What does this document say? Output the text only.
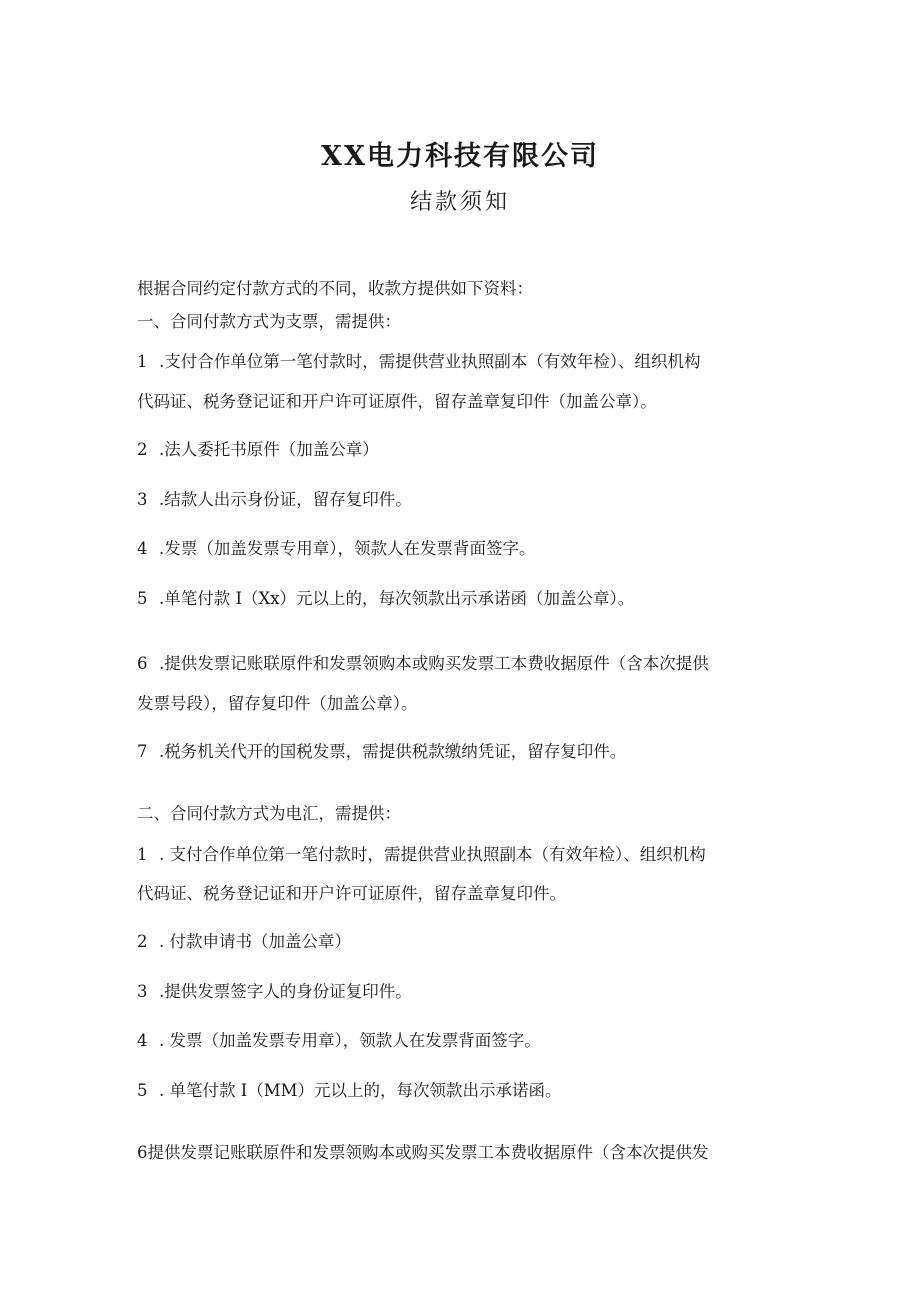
XX电力科技有限公司
结款须知
根据合同约定付款方式的不同，收款方提供如下资料：
一、合同付款方式为支票，需提供：
1 .支付合作单位第一笔付款时，需提供营业执照副本（有效年检）、组织机构
代码证、税务登记证和开户许可证原件，留存盖章复印件（加盖公章）。
2 .法人委托书原件（加盖公章）
3 .结款人出示身份证，留存复印件。
4 .发票（加盖发票专用章），领款人在发票背面签字。
5 .单笔付款 I（Xx）元以上的，每次领款出示承诺函（加盖公章）。
6 .提供发票记账联原件和发票领购本或购买发票工本费收据原件（含本次提供
发票号段），留存复印件（加盖公章）。
7 .税务机关代开的国税发票，需提供税款缴纳凭证，留存复印件。
二、合同付款方式为电汇，需提供：
1 . 支付合作单位第一笔付款时，需提供营业执照副本（有效年检）、组织机构
代码证、税务登记证和开户许可证原件，留存盖章复印件。
2 . 付款申请书（加盖公章）
3 .提供发票签字人的身份证复印件。
4 . 发票（加盖发票专用章），领款人在发票背面签字。
5 . 单笔付款 I（MM）元以上的，每次领款出示承诺函。
6提供发票记账联原件和发票领购本或购买发票工本费收据原件（含本次提供发
